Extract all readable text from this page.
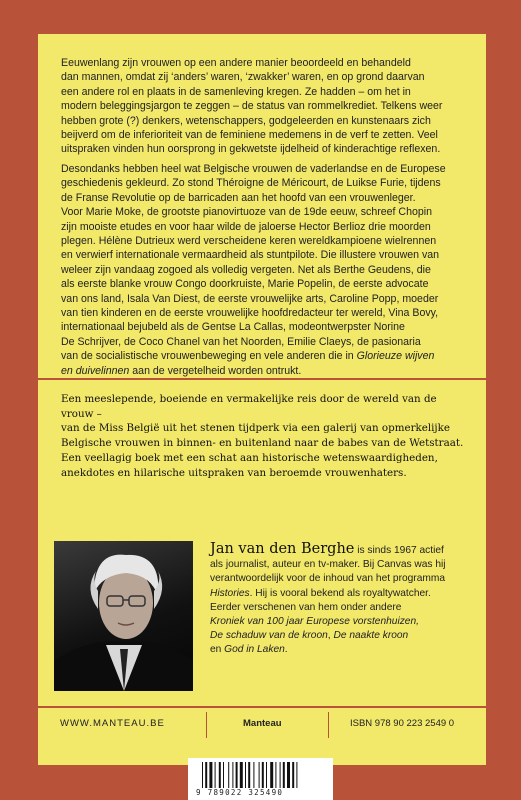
Eeuwenlang zijn vrouwen op een andere manier beoordeeld en behandeld
dan mannen, omdat zij ‘anders’ waren, ‘zwakker’ waren, en op grond daarvan
een andere rol en plaats in de samenleving kregen. Ze hadden – om het in
modern beleggingsjargon te zeggen – de status van rommelkrediet. Telkens weer
hebben grote (?) denkers, wetenschappers, godgeleerden en kunstenaars zich
beijverd om de inferioriteit van de feminiene medemens in de verf te zetten. Veel
uitspraken vinden hun oorsprong in gekwetste ijdelheid of kinderachtige reflexen.
Desondanks hebben heel wat Belgische vrouwen de vaderlandse en de Europese
geschiedenis gekleurd. Zo stond Théroigne de Méricourt, de Luikse Furie, tijdens
de Franse Revolutie op de barricaden aan het hoofd van een vrouwenleger.
Voor Marie Moke, de grootste pianovirtuoze van de 19de eeuw, schreef Chopin
zijn mooiste etudes en voor haar wilde de jaloerse Hector Berlioz drie moorden
plegen. Hélène Dutrieux werd verscheidene keren wereldkampioene wielrennen
en verwierf internationale vermaardheid als stuntpilote. Die illustere vrouwen van
weleer zijn vandaag zogoed als volledig vergeten. Net als Berthe Geudens, die
als eerste blanke vrouw Congo doorkruiste, Marie Popelin, de eerste advocate
van ons land, Isala Van Diest, de eerste vrouwelijke arts, Caroline Popp, moeder
van tien kinderen en de eerste vrouwelijke hoofdredacteur ter wereld, Vina Bovy,
internationaal bejubeld als de Gentse La Callas, modeontwerpster Norine
De Schrijver, de Coco Chanel van het Noorden, Emilie Claeys, de pasionaria
van de socialistische vrouwenbeweging en vele anderen die in Glorieuze wijven
en duivelinnen aan de vergetelheid worden ontrukt.
Een meeslepende, boeiende en vermakelijke reis door de wereld van de vrouw –
van de Miss België uit het stenen tijdperk via een galerij van opmerkelijke
Belgische vrouwen in binnen- en buitenland naar de babes van de Wetstraat.
Een veellagig boek met een schat aan historische wetenswaardigheden,
anekdotes en hilarische uitspraken van beroemde vrouwenhaters.
Jan van den Berghe is sinds 1967 actief
als journalist, auteur en tv-maker. Bij Canvas was hij
verantwoordelijk voor de inhoud van het programma
Histories. Hij is vooral bekend als royaltywatcher.
Eerder verschenen van hem onder andere
Kroniek van 100 jaar Europese vorstenhuizen,
De schaduw van de kroon, De naakte kroon
en God in Laken.
WWW.MANTEAU.BE	Manteau	ISBN 978 90 223 2549 0
9 789022 325490
